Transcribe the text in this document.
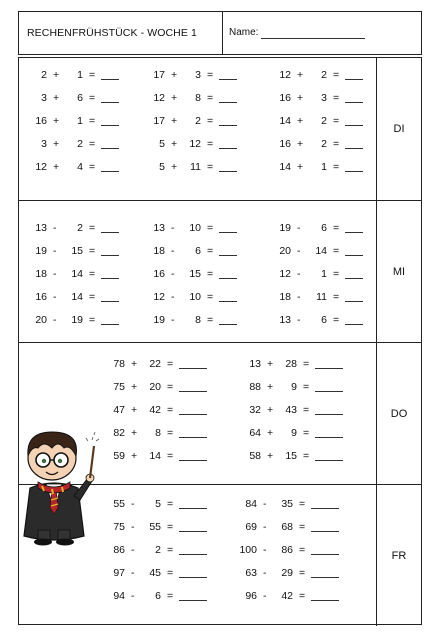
RECHENFRÜHSTÜCK - WOCHE 1	Name:
2 + 1 =
3 + 6 =
16 + 1 =
3 + 2 =
12 + 4 =
17 + 3 =
12 + 8 =
17 + 2 =
5 + 12 =
5 + 11 =
12 + 2 =
16 + 3 =
14 + 2 =
16 + 2 =
14 + 1 =
DI
13 - 2 =
19 - 15 =
18 - 14 =
16 - 14 =
20 - 19 =
13 - 10 =
18 - 6 =
16 - 15 =
12 - 10 =
19 - 8 =
19 - 6 =
20 - 14 =
12 - 1 =
18 - 11 =
13 - 6 =
MI
78 + 22 =
75 + 20 =
47 + 42 =
82 + 8 =
59 + 14 =
13 + 28 =
88 + 9 =
32 + 43 =
64 + 9 =
58 + 15 =
DO
55 - 5 =
75 - 55 =
86 - 2 =
97 - 45 =
94 - 6 =
84 - 35 =
69 - 68 =
100 - 86 =
63 - 29 =
96 - 42 =
FR
